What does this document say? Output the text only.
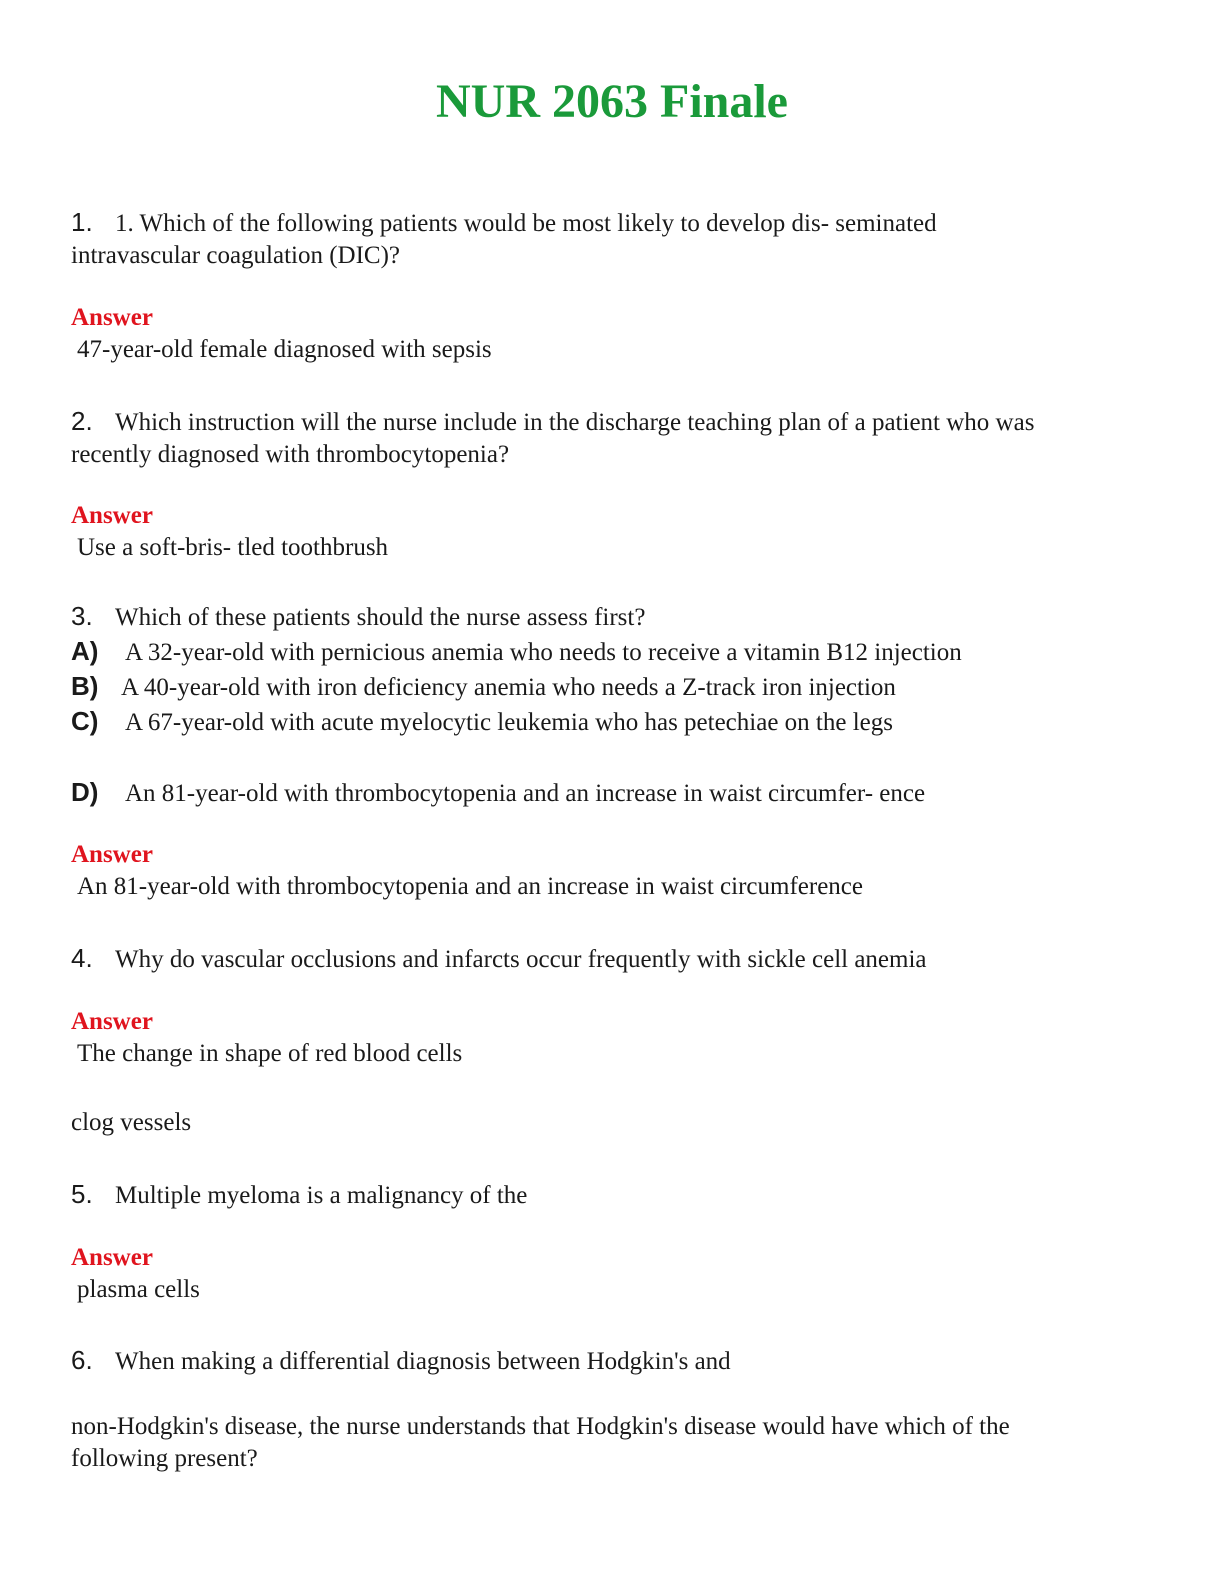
NUR 2063 Finale
1. 1. Which of the following patients would be most likely to develop dis- seminated
intravascular coagulation (DIC)?
Answer
47-year-old female diagnosed with sepsis
2. Which instruction will the nurse include in the discharge teaching plan of a patient who was
recently diagnosed with thrombocytopenia?
Answer
Use a soft-bris- tled toothbrush
3. Which of these patients should the nurse assess first?
A) A 32-year-old with pernicious anemia who needs to receive a vitamin B12 injection
B) A 40-year-old with iron deficiency anemia who needs a Z-track iron injection
C) A 67-year-old with acute myelocytic leukemia who has petechiae on the legs
D) An 81-year-old with thrombocytopenia and an increase in waist circumfer- ence
Answer
An 81-year-old with thrombocytopenia and an increase in waist circumference
4. Why do vascular occlusions and infarcts occur frequently with sickle cell anemia
Answer
The change in shape of red blood cells
clog vessels
5. Multiple myeloma is a malignancy of the
Answer
plasma cells
6. When making a differential diagnosis between Hodgkin's and
non-Hodgkin's disease, the nurse understands that Hodgkin's disease would have which of the
following present?
